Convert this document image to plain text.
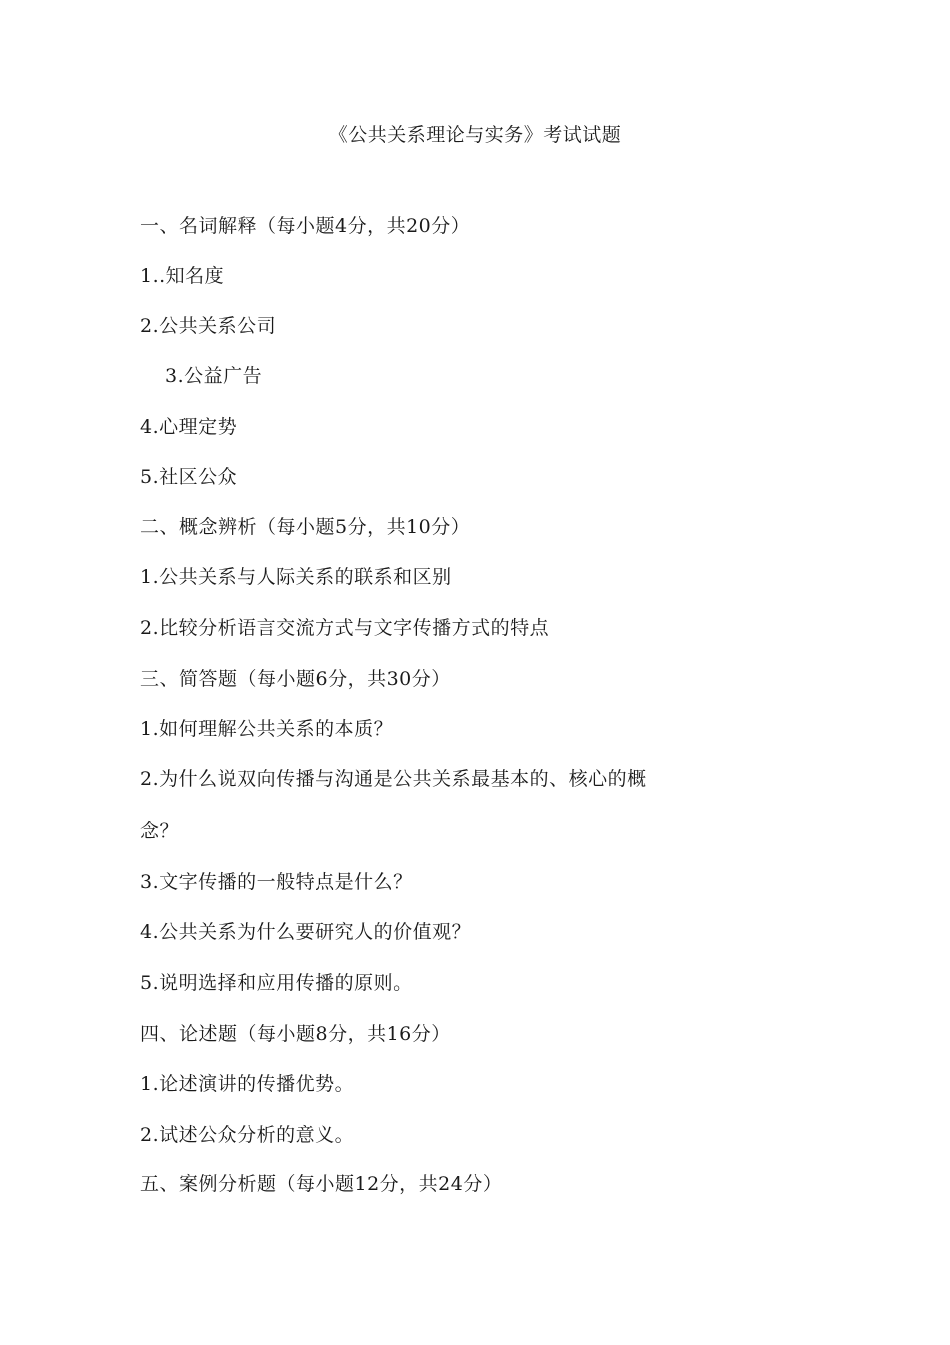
《公共关系理论与实务》考试试题
一、名词解释（每小题4分，共20分）
1..知名度
2.公共关系公司
3.公益广告
4.心理定势
5.社区公众
二、概念辨析（每小题5分，共10分）
1.公共关系与人际关系的联系和区别
2.比较分析语言交流方式与文字传播方式的特点
三、简答题（每小题6分，共30分）
1.如何理解公共关系的本质？
2.为什么说双向传播与沟通是公共关系最基本的、核心的概
念？
3.文字传播的一般特点是什么？
4.公共关系为什么要研究人的价值观？
5.说明选择和应用传播的原则。
四、论述题（每小题8分，共16分）
1.论述演讲的传播优势。
2.试述公众分析的意义。
五、案例分析题（每小题12分，共24分）
